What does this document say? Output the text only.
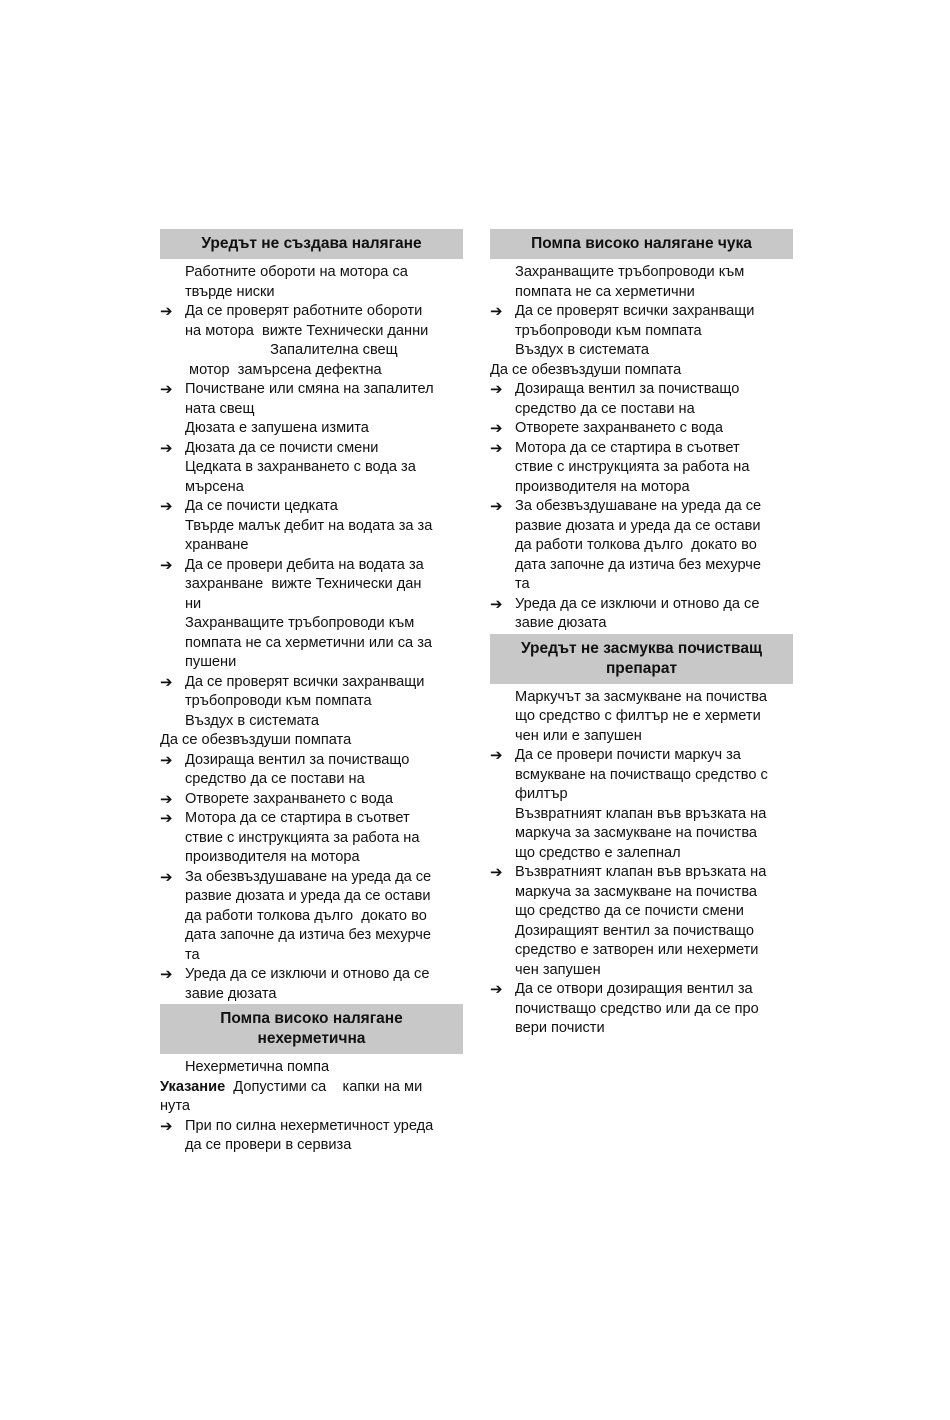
Уредът не създава налягане
Работните обороти на мотора са
твърде ниски
➔ Да се проверят работните обороти
на мотора  вижте Технически данни
Запалителна свещ
мотор  замърсена дефектна
➔ Почистване или смяна на запалител
ната свещ
Дюзата е запушена измита
➔ Дюзата да се почисти смени
Цедката в захранването с вода за
мърсена
➔ Да се почисти цедката
Твърде малък дебит на водата за за
хранване
➔ Да се провери дебита на водата за
захранване  вижте Технически дан
ни
Захранващите тръбопроводи към
помпата не са херметични или са за
пушени
➔ Да се проверят всички захранващи
тръбопроводи към помпата
Въздух в системата
Да се обезвъздуши помпата
➔ Дозираща вентил за почистващо
средство да се постави на
➔ Отворете захранването с вода
➔ Мотора да се стартира в съответ
ствие с инструкцията за работа на
производителя на мотора
➔ За обезвъздушаване на уреда да се
развие дюзата и уреда да се остави
да работи толкова дълго  докато во
дата започне да изтича без мехурче
та
➔ Уреда да се изключи и отново да се
завие дюзата
Помпа високо налягане нехерметична
Нехерметична помпа
Указание  Допустими са    капки на ми
нута
➔ При по силна нехерметичност уреда
да се провери в сервиза
Помпа високо налягане чука
Захранващите тръбопроводи към
помпата не са херметични
➔ Да се проверят всички захранващи
тръбопроводи към помпата
Въздух в системата
Да се обезвъздуши помпата
➔ Дозираща вентил за почистващо
средство да се постави на
➔ Отворете захранването с вода
➔ Мотора да се стартира в съответ
ствие с инструкцията за работа на
производителя на мотора
➔ За обезвъздушаване на уреда да се
развие дюзата и уреда да се остави
да работи толкова дълго  докато во
дата започне да изтича без мехурче
та
➔ Уреда да се изключи и отново да се
завие дюзата
Уредът не засмуква почистващ препарат
Маркучът за засмукване на почиства
що средство с филтър не е хермети
чен или е запушен
➔ Да се провери почисти маркуч за
всмукване на почистващо средство с
филтър
Възвратният клапан във връзката на
маркуча за засмукване на почиства
що средство е залепнал
➔ Възвратният клапан във връзката на
маркуча за засмукване на почиства
що средство да се почисти смени
Дозиращият вентил за почистващо
средство е затворен или нехермети
чен запушен
➔ Да се отвори дозиращия вентил за
почистващо средство или да се про
вери почисти
